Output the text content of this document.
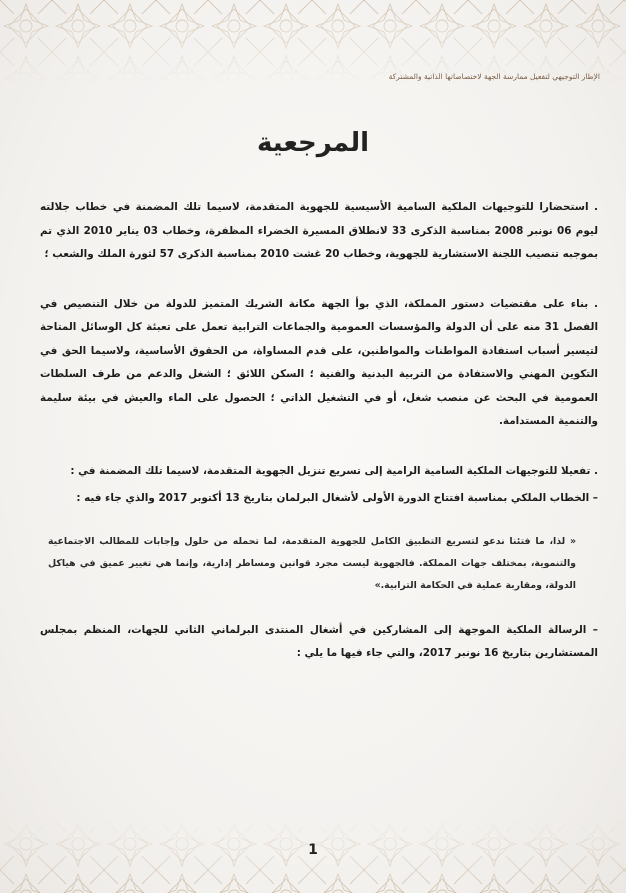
الإطار التوجيهي لتفعيل ممارسة الجهة لاختصاصاتها الذاتية والمشتركة
المرجعية

. استحضارا للتوجيهات الملكية السامية الأسيسية للجهوية المتقدمة، لاسيما تلك المضمنة في خطاب جلالته ليوم 06 نونبر 2008 بمناسبة الذكرى 33 لانطلاق المسيرة الخضراء المظفرة، وخطاب 03 يناير 2010 الذي تم بموجبه تنصيب اللجنة الاستشارية للجهوية، وخطاب 20 غشت 2010 بمناسبة الذكرى 57 لثورة الملك والشعب ؛

. بناء على مقتضيات دستور المملكة، الذي بوأ الجهة مكانة الشريك المتميز للدولة من خلال التنصيص في الفصل 31 منه على أن الدولة والمؤسسات العمومية والجماعات الترابية تعمل على تعبئة كل الوسائل المتاحة لتيسير أسباب استفادة المواطنات والمواطنين، على قدم المساواة، من الحقوق الأساسية، ولاسيما الحق في التكوين المهني والاستفادة من التربية البدنية والفنية ؛ السكن اللائق ؛ الشغل والدعم من طرف السلطات العمومية في البحث عن منصب شغل، أو في التشغيل الذاتي ؛ الحصول على الماء والعيش في بيئة سليمة والتنمية المستدامة.

. تفعيلا للتوجيهات الملكية السامية الرامية إلى تسريع تنزيل الجهوية المتقدمة، لاسيما تلك المضمنة في :

– الخطاب الملكي بمناسبة افتتاح الدورة الأولى لأشغال البرلمان بتاريخ 13 أكتوبر 2017 والذي جاء فيه :

« لذا، ما فتئنا ندعو لتسريع التطبيق الكامل للجهوية المتقدمة، لما تحمله من حلول وإجابات للمطالب الاجتماعية والتنموية، بمختلف جهات المملكة. فالجهوية ليست مجرد قوانين ومساطر إدارية، وإنما هي تغيير عميق في هياكل الدولة، ومقاربة عملية في الحكامة الترابية.»

– الرسالة الملكية الموجهة إلى المشاركين في أشغال المنتدى البرلماني الثاني للجهات، المنظم بمجلس المستشارين بتاريخ 16 نونبر 2017، والتي جاء فيها ما يلي :

1
